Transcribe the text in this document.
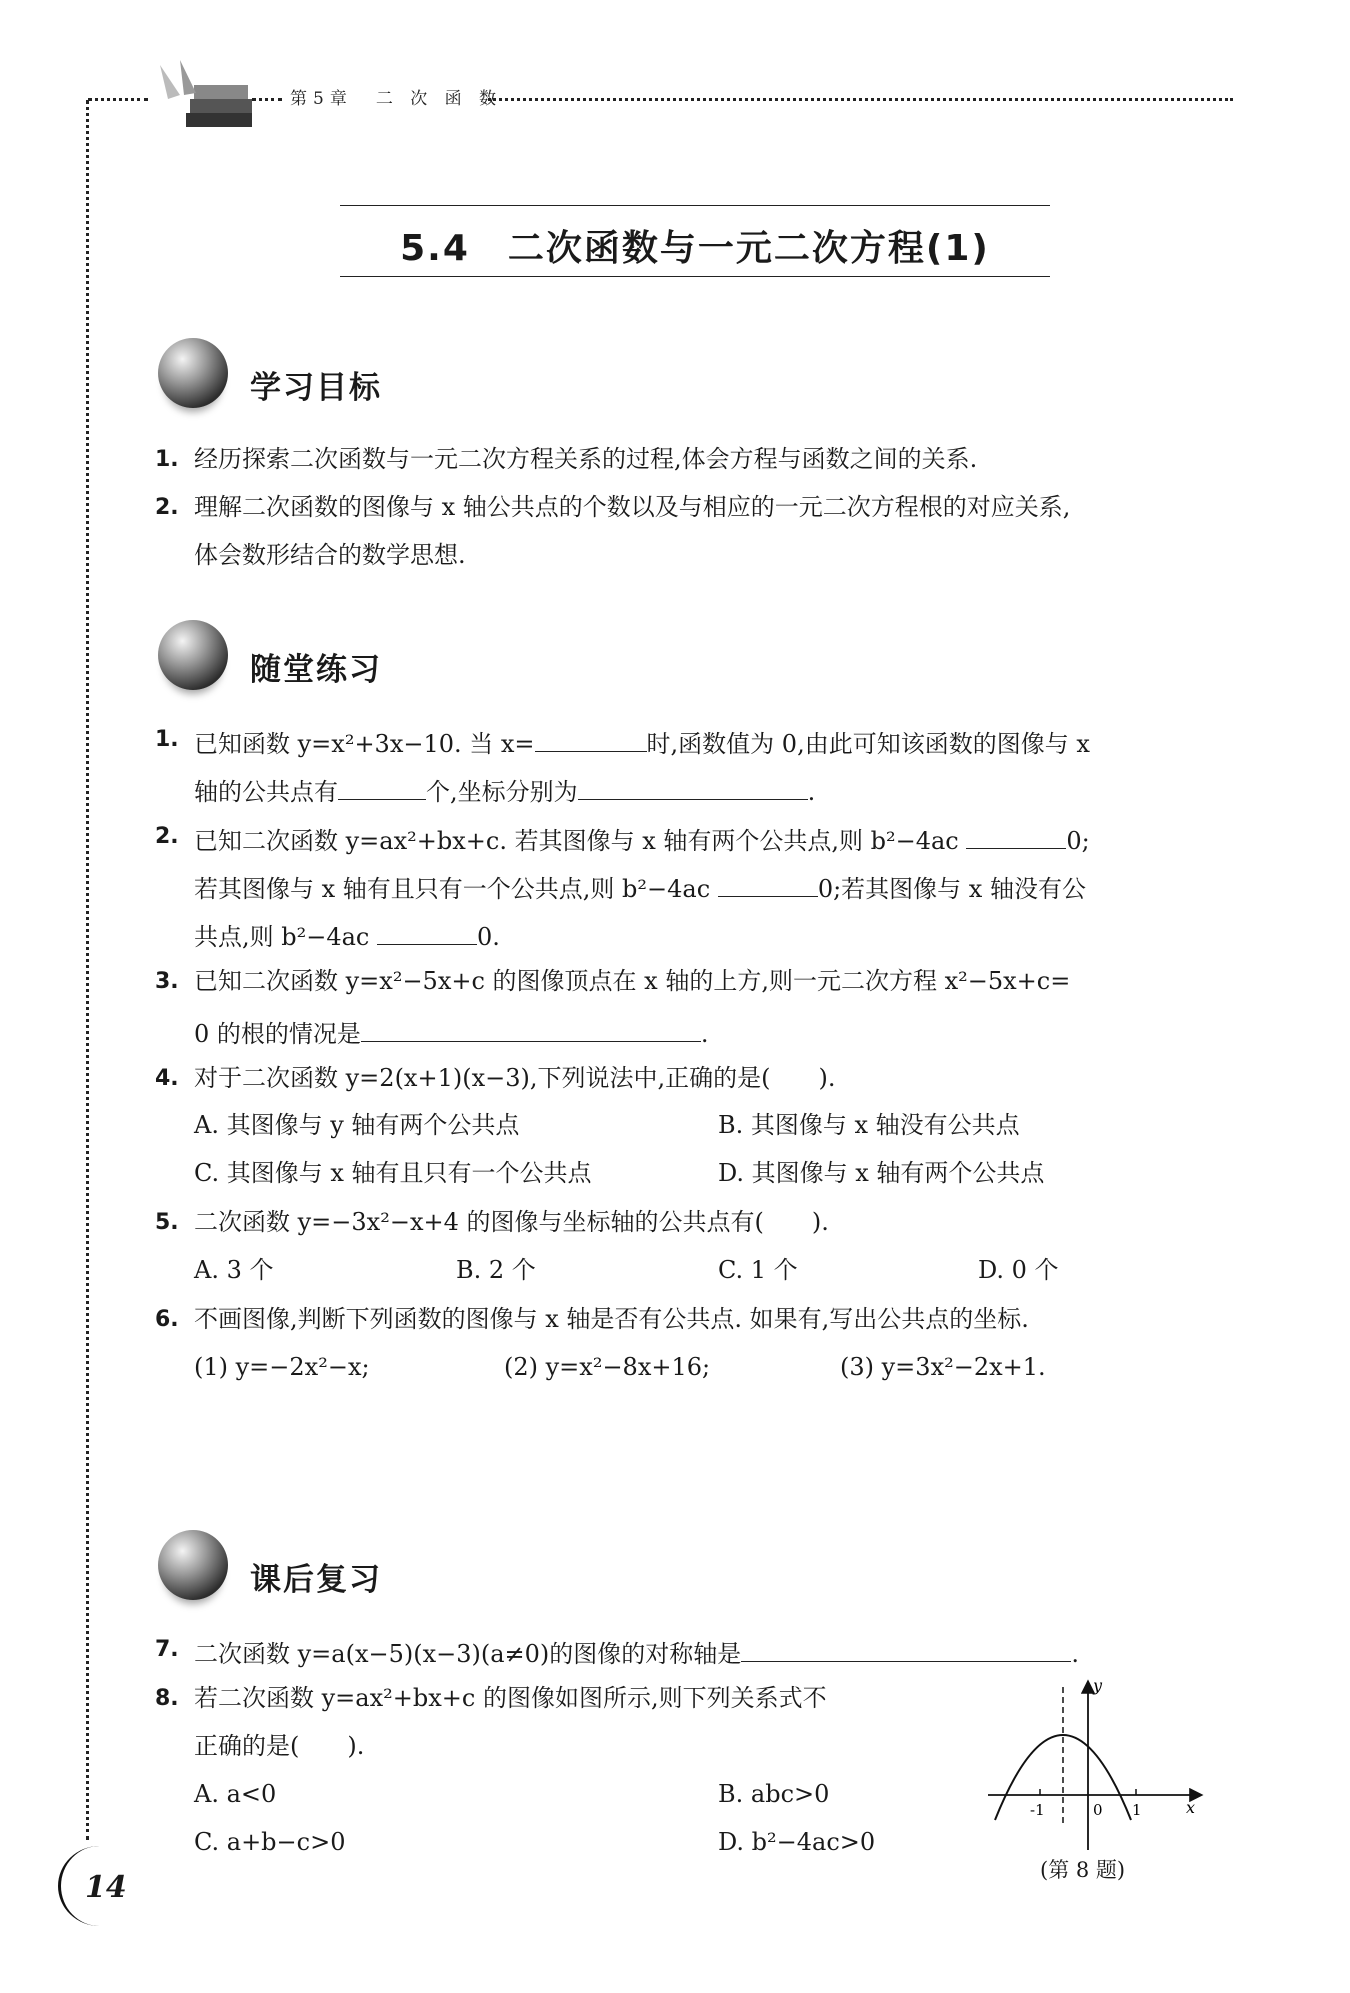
第5章　二 次 函 数
5.4　二次函数与一元二次方程(1)
学习目标
1. 经历探索二次函数与一元二次方程关系的过程,体会方程与函数之间的关系.
2. 理解二次函数的图像与 x 轴公共点的个数以及与相应的一元二次方程根的对应关系,
体会数形结合的数学思想.
随堂练习
1. 已知函数 y=x²+3x−10. 当 x=	时,函数值为 0,由此可知该函数的图像与 x
轴的公共点有	个,坐标分别为	.
2. 已知二次函数 y=ax²+bx+c. 若其图像与 x 轴有两个公共点,则 b²−4ac	0;
若其图像与 x 轴有且只有一个公共点,则 b²−4ac	0;若其图像与 x 轴没有公
共点,则 b²−4ac	0.
3. 已知二次函数 y=x²−5x+c 的图像顶点在 x 轴的上方,则一元二次方程 x²−5x+c=
0 的根的情况是	.
4. 对于二次函数 y=2(x+1)(x−3),下列说法中,正确的是(　　).
A. 其图像与 y 轴有两个公共点	B. 其图像与 x 轴没有公共点
C. 其图像与 x 轴有且只有一个公共点	D. 其图像与 x 轴有两个公共点
5. 二次函数 y=−3x²−x+4 的图像与坐标轴的公共点有(　　).
A. 3 个	B. 2 个	C. 1 个	D. 0 个
6. 不画图像,判断下列函数的图像与 x 轴是否有公共点. 如果有,写出公共点的坐标.
(1) y=−2x²−x;	(2) y=x²−8x+16;	(3) y=3x²−2x+1.
课后复习
7. 二次函数 y=a(x−5)(x−3)(a≠0)的图像的对称轴是	.
8. 若二次函数 y=ax²+bx+c 的图像如图所示,则下列关系式不
正确的是(　　).
A. a<0	B. abc>0
C. a+b−c>0	D. b²−4ac>0
y
x
-1	0 1
(第 8 题)
14
